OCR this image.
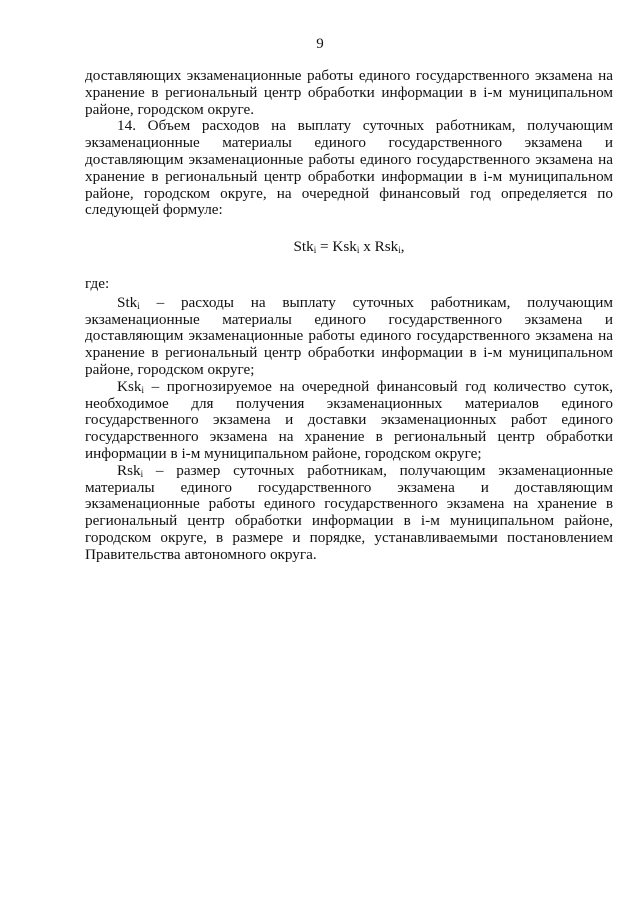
9

доставляющих экзаменационные работы единого государственного экзамена на хранение в региональный центр обработки информации в i-м муниципальном районе, городском округе.

14. Объем расходов на выплату суточных работникам, получающим экзаменационные материалы единого государственного экзамена и доставляющим экзаменационные работы единого государственного экзамена на хранение в региональный центр обработки информации в i-м муниципальном районе, городском округе, на очередной финансовый год определяется по следующей формуле:

Stk$_i$ = Ksk$_i$ x Rsk$_i$,

где:

Stk$_i$ – расходы на выплату суточных работникам, получающим экзаменационные материалы единого государственного экзамена и доставляющим экзаменационные работы единого государственного экзамена на хранение в региональный центр обработки информации в i-м муниципальном районе, городском округе;

Ksk$_i$ – прогнозируемое на очередной финансовый год количество суток, необходимое для получения экзаменационных материалов единого государственного экзамена и доставки экзаменационных работ единого государственного экзамена на хранение в региональный центр обработки информации в i-м муниципальном районе, городском округе;

Rsk$_i$ – размер суточных работникам, получающим экзаменационные материалы единого государственного экзамена и доставляющим экзаменационные работы единого государственного экзамена на хранение в региональный центр обработки информации в i-м муниципальном районе, городском округе, в размере и порядке, устанавливаемыми постановлением Правительства автономного округа.
